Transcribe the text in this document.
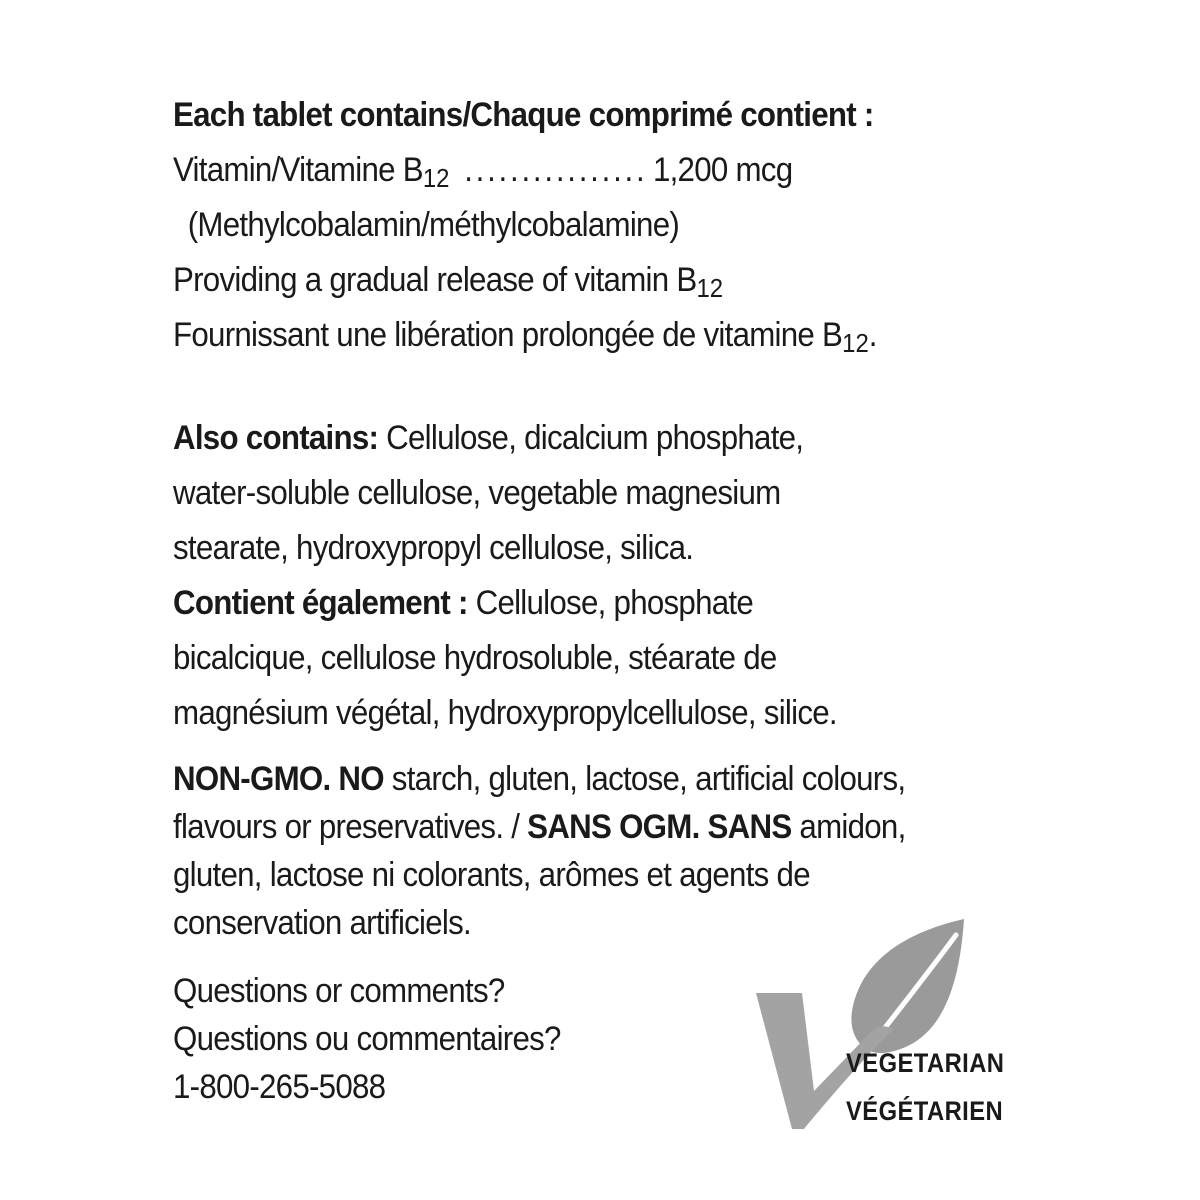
Each tablet contains/Chaque comprimé contient :
Vitamin/Vitamine B12 ................ 1,200 mcg
(Methylcobalamin/méthylcobalamine)
Providing a gradual release of vitamin B12
Fournissant une libération prolongée de vitamine B12.
Also contains: Cellulose, dicalcium phosphate,
water-soluble cellulose, vegetable magnesium
stearate, hydroxypropyl cellulose, silica.
Contient également : Cellulose, phosphate
bicalcique, cellulose hydrosoluble, stéarate de
magnésium végétal, hydroxypropylcellulose, silice.
NON-GMO. NO starch, gluten, lactose, artificial colours,
flavours or preservatives. / SANS OGM. SANS amidon,
gluten, lactose ni colorants, arômes et agents de
conservation artificiels.
Questions or comments?
Questions ou commentaires?
1-800-265-5088
VEGETARIAN
VÉGÉTARIEN
